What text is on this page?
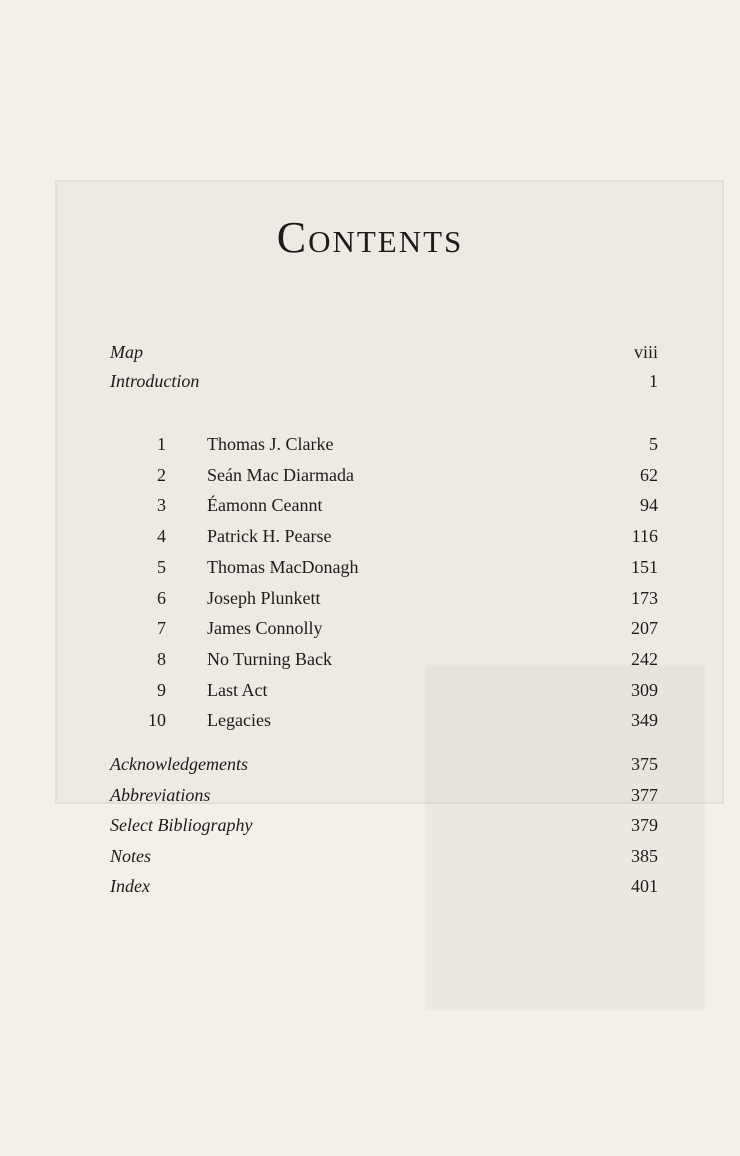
Contents
Map	viii
Introduction	1
1 Thomas J. Clarke	5
2 Seán Mac Diarmada	62
3 Éamonn Ceannt	94
4 Patrick H. Pearse	116
5 Thomas MacDonagh	151
6 Joseph Plunkett	173
7 James Connolly	207
8 No Turning Back	242
9 Last Act	309
10 Legacies	349
Acknowledgements	375
Abbreviations	377
Select Bibliography	379
Notes	385
Index	401
